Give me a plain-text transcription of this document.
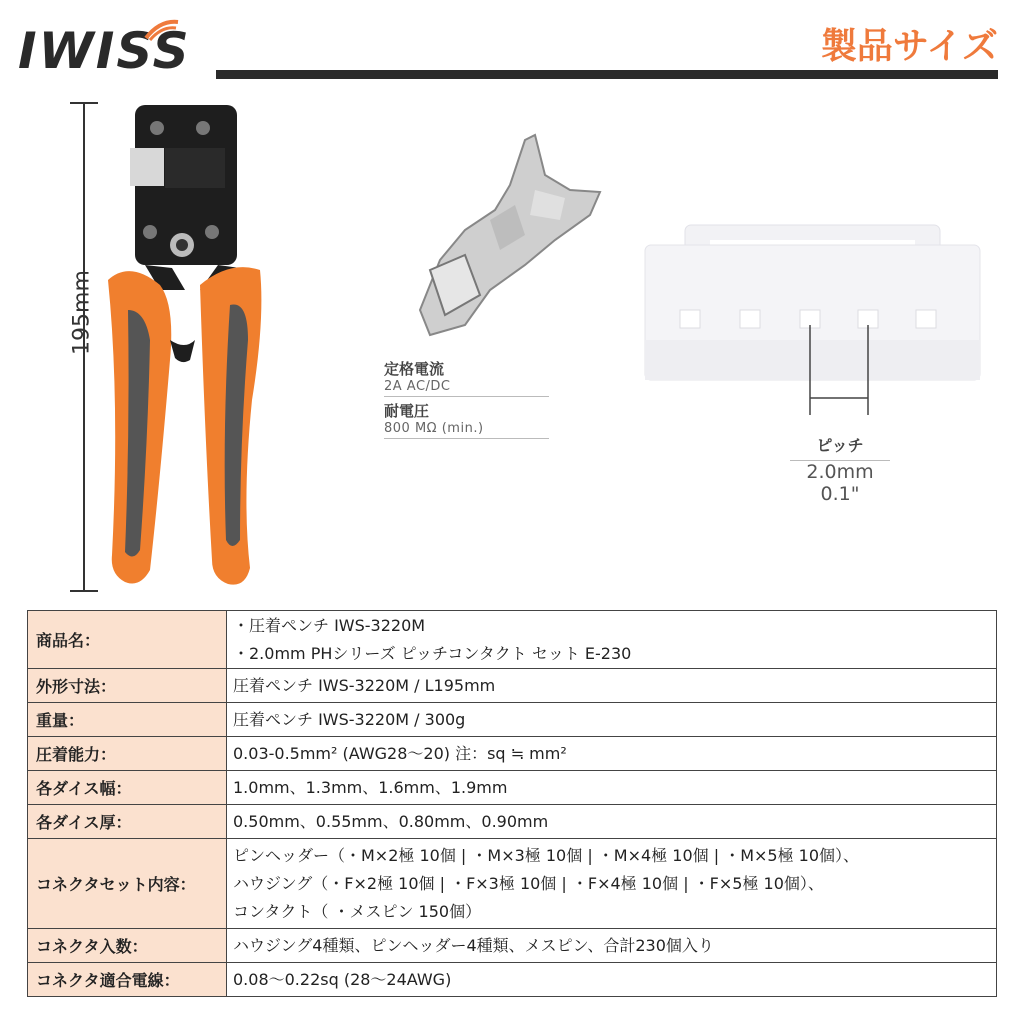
IWISS	製品サイズ
195mm
定格電流
2A AC/DC
耐電圧
800 MΩ (min.)
ピッチ
2.0mm
0.1"
商品名：	・圧着ペンチ IWS-3220M
・2.0mm PHシリーズ ピッチコンタクト セット E-230

外形寸法：	圧着ペンチ IWS-3220M / L195mm

重量：	圧着ペンチ IWS-3220M / 300g

圧着能力：	0.03-0.5mm² (AWG28～20) 注：sq ≒ mm²

各ダイス幅：	1.0mm、1.3mm、1.6mm、1.9mm

各ダイス厚：	0.50mm、0.55mm、0.80mm、0.90mm

コネクタセット内容：	ピンヘッダー（・M×2極 10個 | ・M×3極 10個 | ・M×4極 10個 | ・M×5極 10個）、
ハウジング（・F×2極 10個 | ・F×3極 10個 | ・F×4極 10個 | ・F×5極 10個）、
コンタクト（ ・メスピン 150個）

コネクタ入数：	ハウジング4種類、ピンヘッダー4種類、メスピン、合計230個入り

コネクタ適合電線：	0.08～0.22sq (28～24AWG)
